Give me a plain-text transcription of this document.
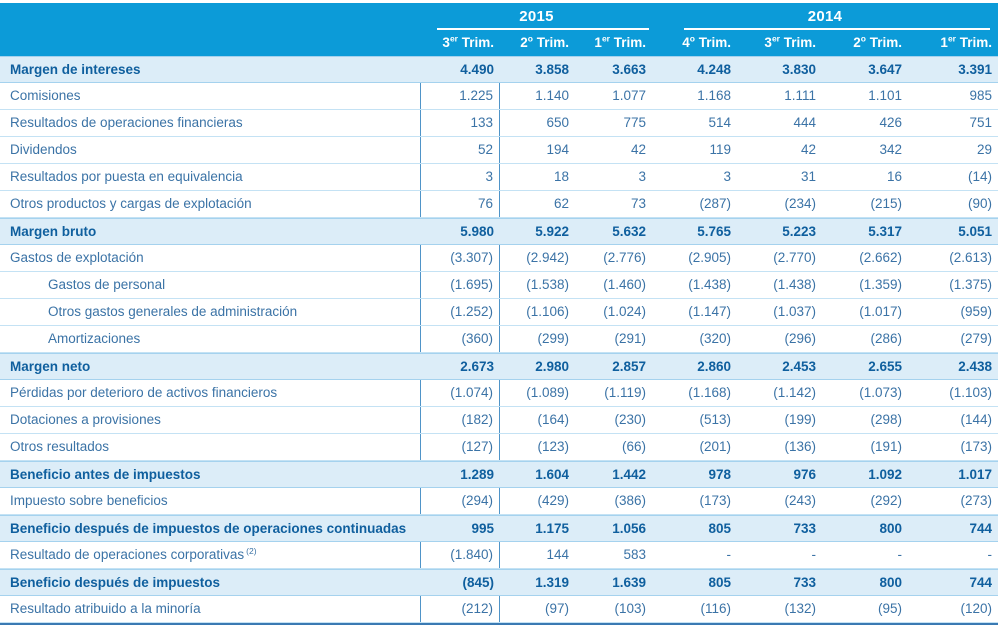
2015	2014
3er Trim.	2$^o$ Trim.	1er Trim.	4$^o$ Trim.	3er Trim.	2$^o$ Trim.	1er Trim.
Margen de intereses	4.490	3.858	3.663	4.248	3.830	3.647	3.391
Comisiones	1.225	1.140	1.077	1.168	1.111	1.101	985
Resultados de operaciones financieras	133	650	775	514	444	426	751
Dividendos	52	194	42	119	42	342	29
Resultados por puesta en equivalencia	3	18	3	3	31	16	(14)
Otros productos y cargas de explotación	76	62	73	(287)	(234)	(215)	(90)
Margen bruto	5.980	5.922	5.632	5.765	5.223	5.317	5.051
Gastos de explotación	(3.307)	(2.942)	(2.776)	(2.905)	(2.770)	(2.662)	(2.613)
Gastos de personal	(1.695)	(1.538)	(1.460)	(1.438)	(1.438)	(1.359)	(1.375)
Otros gastos generales de administración	(1.252)	(1.106)	(1.024)	(1.147)	(1.037)	(1.017)	(959)
Amortizaciones	(360)	(299)	(291)	(320)	(296)	(286)	(279)
Margen neto	2.673	2.980	2.857	2.860	2.453	2.655	2.438
Pérdidas por deterioro de activos financieros	(1.074)	(1.089)	(1.119)	(1.168)	(1.142)	(1.073)	(1.103)
Dotaciones a provisiones	(182)	(164)	(230)	(513)	(199)	(298)	(144)
Otros resultados	(127)	(123)	(66)	(201)	(136)	(191)	(173)
Beneficio antes de impuestos	1.289	1.604	1.442	978	976	1.092	1.017
Impuesto sobre beneficios	(294)	(429)	(386)	(173)	(243)	(292)	(273)
Beneficio después de impuestos de operaciones continuadas	995	1.175	1.056	805	733	800	744
Resultado de operaciones corporativas $^{(2)}$	(1.840)	144	583	-	-	-	-
Beneficio después de impuestos	(845)	1.319	1.639	805	733	800	744
Resultado atribuido a la minoría	(212)	(97)	(103)	(116)	(132)	(95)	(120)
